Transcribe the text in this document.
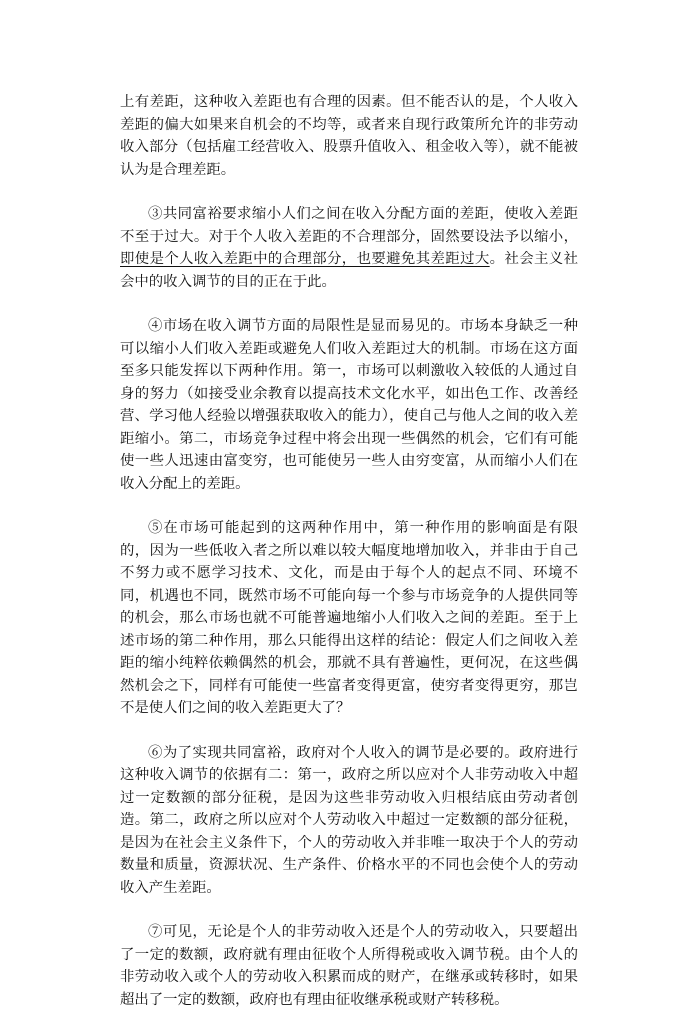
上有差距，这种收入差距也有合理的因素。但不能否认的是，个人收入差距的偏大如果来自机会的不均等，或者来自现行政策所允许的非劳动收入部分（包括雇工经营收入、股票升值收入、租金收入等），就不能被认为是合理差距。

③共同富裕要求缩小人们之间在收入分配方面的差距，使收入差距不至于过大。对于个人收入差距的不合理部分，固然要设法予以缩小，即使是个人收入差距中的合理部分，也要避免其差距过大。社会主义社会中的收入调节的目的正在于此。

④市场在收入调节方面的局限性是显而易见的。市场本身缺乏一种可以缩小人们收入差距或避免人们收入差距过大的机制。市场在这方面至多只能发挥以下两种作用。第一，市场可以刺激收入较低的人通过自身的努力（如接受业余教育以提高技术文化水平，如出色工作、改善经营、学习他人经验以增强获取收入的能力），使自己与他人之间的收入差距缩小。第二，市场竞争过程中将会出现一些偶然的机会，它们有可能使一些人迅速由富变穷，也可能使另一些人由穷变富，从而缩小人们在收入分配上的差距。

⑤在市场可能起到的这两种作用中，第一种作用的影响面是有限的，因为一些低收入者之所以难以较大幅度地增加收入，并非由于自己不努力或不愿学习技术、文化，而是由于每个人的起点不同、环境不同，机遇也不同，既然市场不可能向每一个参与市场竞争的人提供同等的机会，那么市场也就不可能普遍地缩小人们收入之间的差距。至于上述市场的第二种作用，那么只能得出这样的结论：假定人们之间收入差距的缩小纯粹依赖偶然的机会，那就不具有普遍性，更何况，在这些偶然机会之下，同样有可能使一些富者变得更富，使穷者变得更穷，那岂不是使人们之间的收入差距更大了？

⑥为了实现共同富裕，政府对个人收入的调节是必要的。政府进行这种收入调节的依据有二：第一，政府之所以应对个人非劳动收入中超过一定数额的部分征税，是因为这些非劳动收入归根结底由劳动者创造。第二，政府之所以应对个人劳动收入中超过一定数额的部分征税，是因为在社会主义条件下，个人的劳动收入并非唯一取决于个人的劳动数量和质量，资源状况、生产条件、价格水平的不同也会使个人的劳动收入产生差距。

⑦可见，无论是个人的非劳动收入还是个人的劳动收入，只要超出了一定的数额，政府就有理由征收个人所得税或收入调节税。由个人的非劳动收入或个人的劳动收入积累而成的财产，在继承或转移时，如果超出了一定的数额，政府也有理由征收继承税或财产转移税。
